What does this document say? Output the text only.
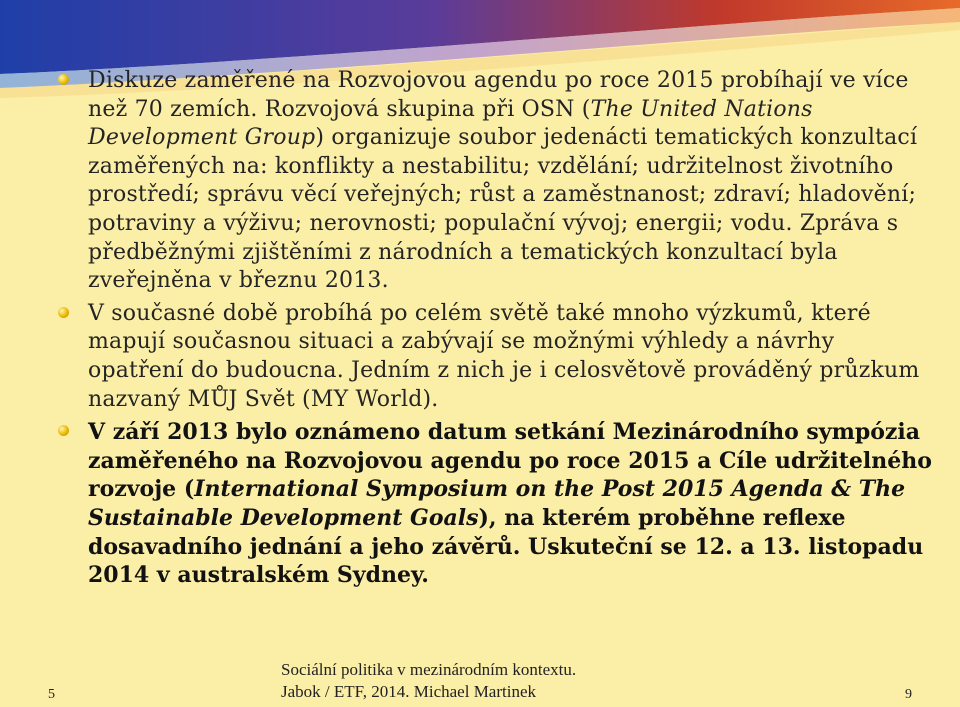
Diskuze zaměřené na Rozvojovou agendu po roce 2015 probíhají ve více než 70 zemích. Rozvojová skupina při OSN (The United Nations Development Group) organizuje soubor jedenácti tematických konzultací zaměřených na: konflikty a nestabilitu; vzdělání; udržitelnost životního prostředí; správu věcí veřejných; růst a zaměstnanost; zdraví; hladovění; potraviny a výživu; nerovnosti; populační vývoj; energii; vodu. Zpráva s předběžnými zjištěními z národních a tematických konzultací byla zveřejněna v březnu 2013.
V současné době probíhá po celém světě také mnoho výzkumů, které mapují současnou situaci a zabývají se možnými výhledy a návrhy opatření do budoucna. Jedním z nich je i celosvětově prováděný průzkum nazvaný MŮJ Svět (MY World).
V září 2013 bylo oznámeno datum setkání Mezinárodního sympózia zaměřeného na Rozvojovou agendu po roce 2015 a Cíle udržitelného rozvoje (International Symposium on the Post 2015 Agenda & The Sustainable Development Goals), na kterém proběhne reflexe dosavadního jednání a jeho závěrů. Uskuteční se 12. a 13. listopadu 2014 v australském Sydney.
5
Sociální politika v mezinárodním kontextu.
Jabok / ETF, 2014. Michael Martinek	9
